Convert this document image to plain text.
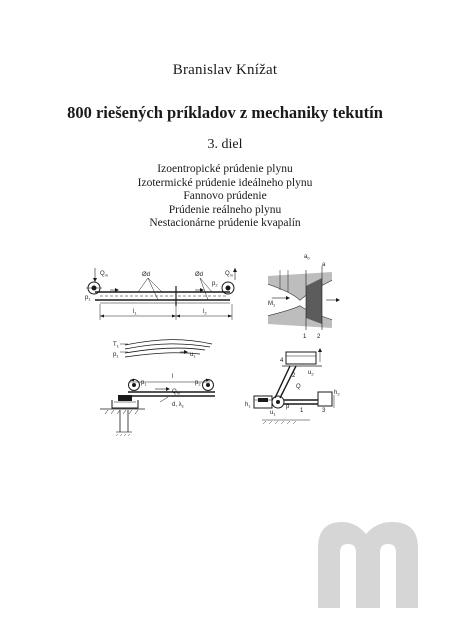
Branislav Knížat
800 riešených príkladov z mechaniky tekutín
3. diel
Izoentropické prúdenie plynu
Izotermické prúdenie ideálneho plynu
Fannovo prúdenie
Prúdenie reálneho plynu
Nestacionárne prúdenie kvapalín
$Q_m$	$Q_m$
$p_1$
$p_2$
Ød	Ød
$l_1$	$l_2$
$a_0$
a
$M_1$
1 2
$T_1$
$p_1$	$u_1$
l
$p_1$	$p_2$
$Q_m$
d, $\lambda_s$
4
$u_2$
2
Q
p
$u_1$
$h_1$
3
$h_2$
1
